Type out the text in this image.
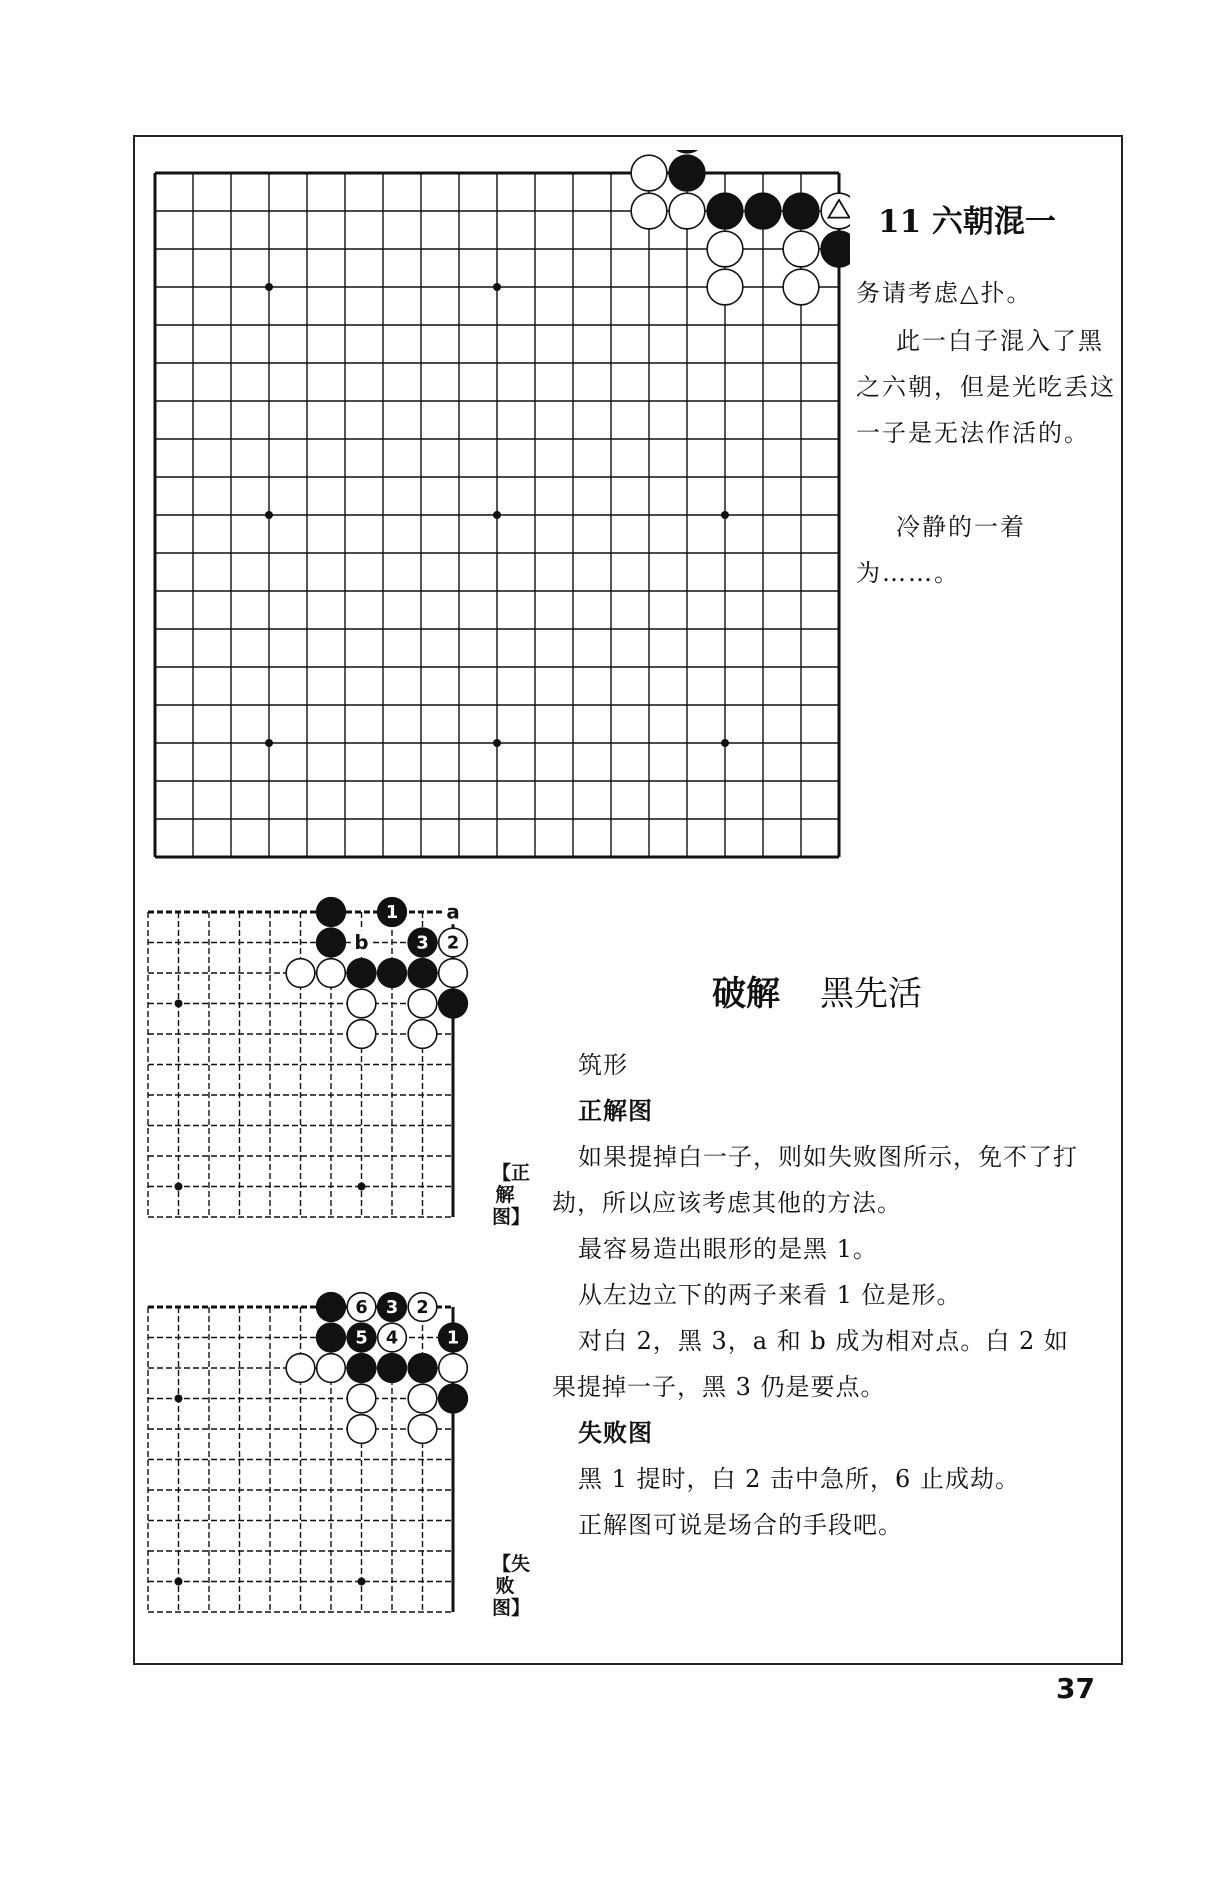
11 六朝混一
务请考虑△扑。
此一白子混入了黑之六朝，但是光吃丢这一子是无法作活的。
冷静的一着为……。
1
3 2
a
b
【正解图】
6 3 2
5 4	1
【失败图】
破解 黑先活
筑形
正解图
如果提掉白一子，则如失败图所示，免不了打劫，所以应该考虑其他的方法。
最容易造出眼形的是黑 1。
从左边立下的两子来看 1 位是形。
对白 2，黑 3，a 和 b 成为相对点。白 2 如果提掉一子，黑 3 仍是要点。
失败图
黑 1 提时，白 2 击中急所，6 止成劫。
正解图可说是场合的手段吧。
37
